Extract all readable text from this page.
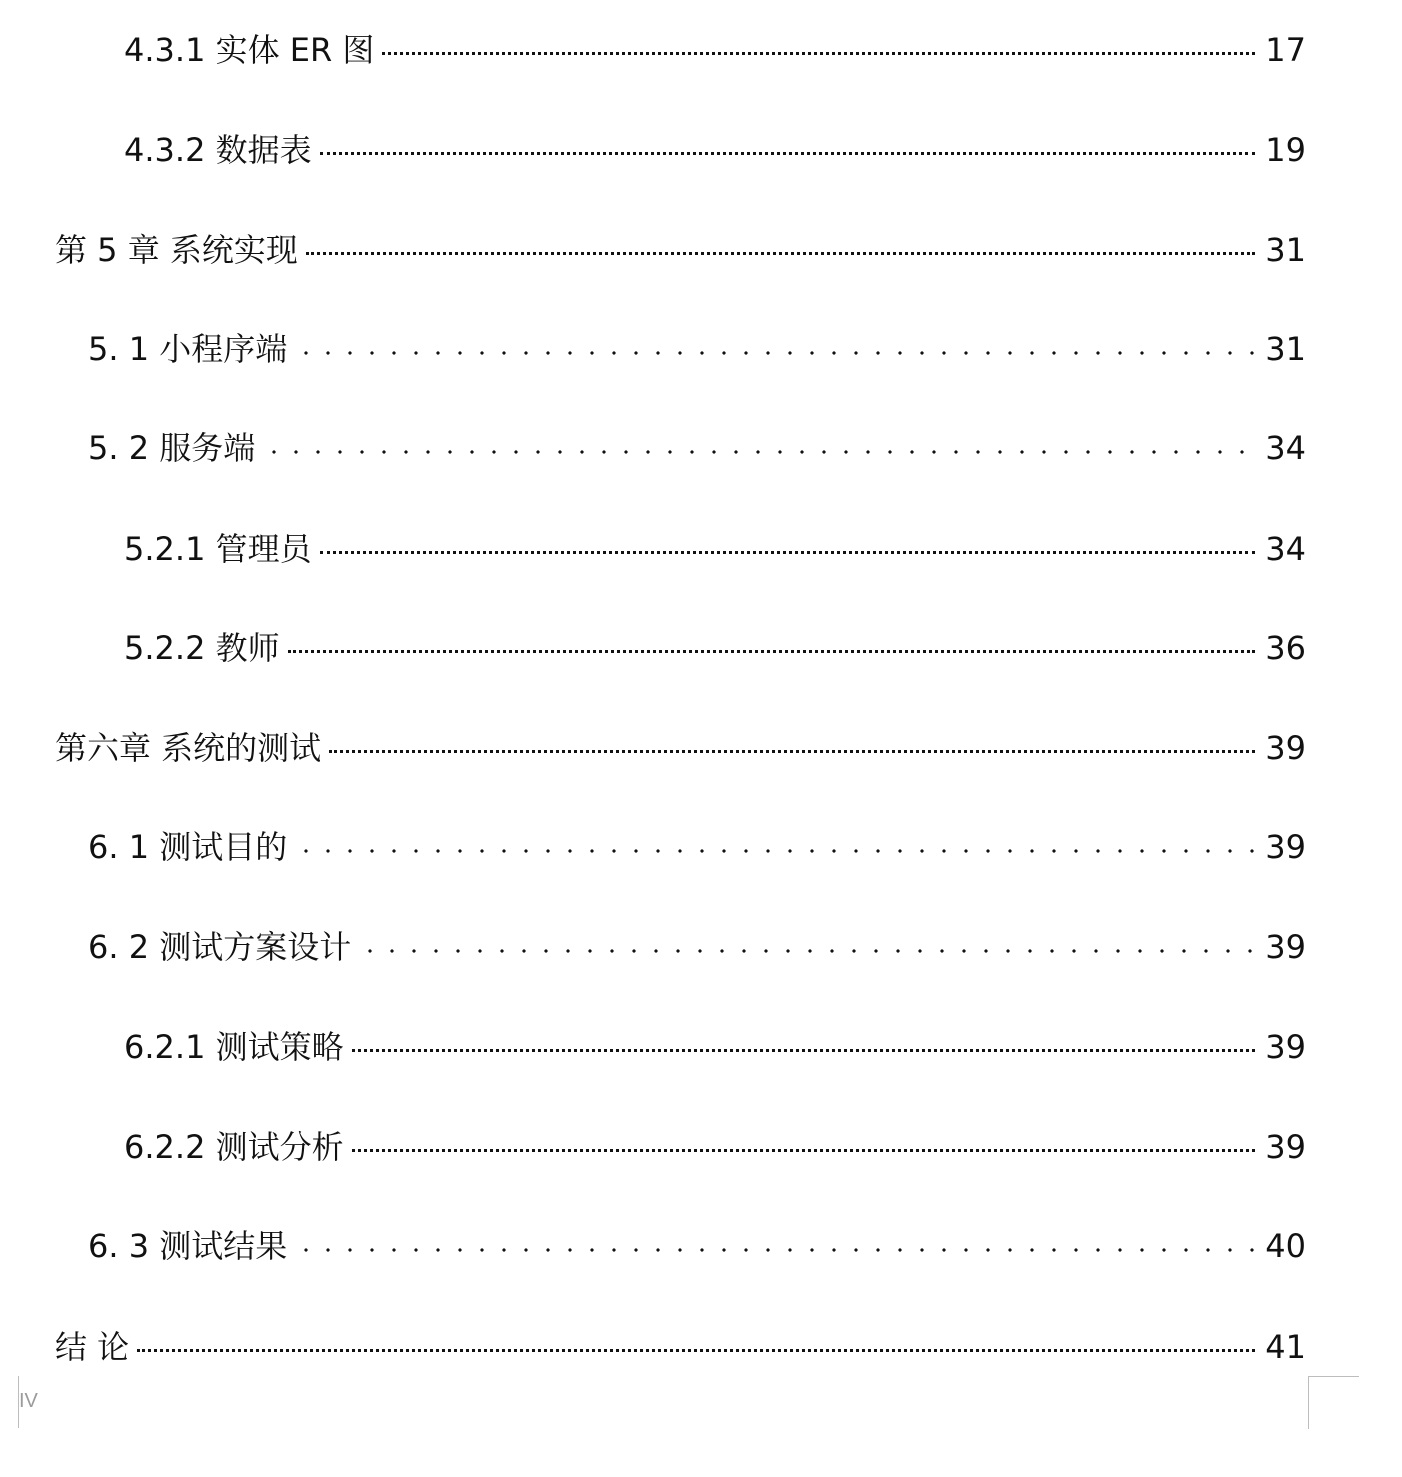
4.3.1 实体 ER 图	17
4.3.2 数据表	19
第 5 章 系统实现	31
5. 1 小程序端	31
5. 2 服务端	34
5.2.1 管理员	34
5.2.2 教师	36
第六章 系统的测试	39
6. 1 测试目的	39
6. 2 测试方案设计	39
6.2.1 测试策略	39
6.2.2 测试分析	39
6. 3 测试结果	40
结 论	41
IV
